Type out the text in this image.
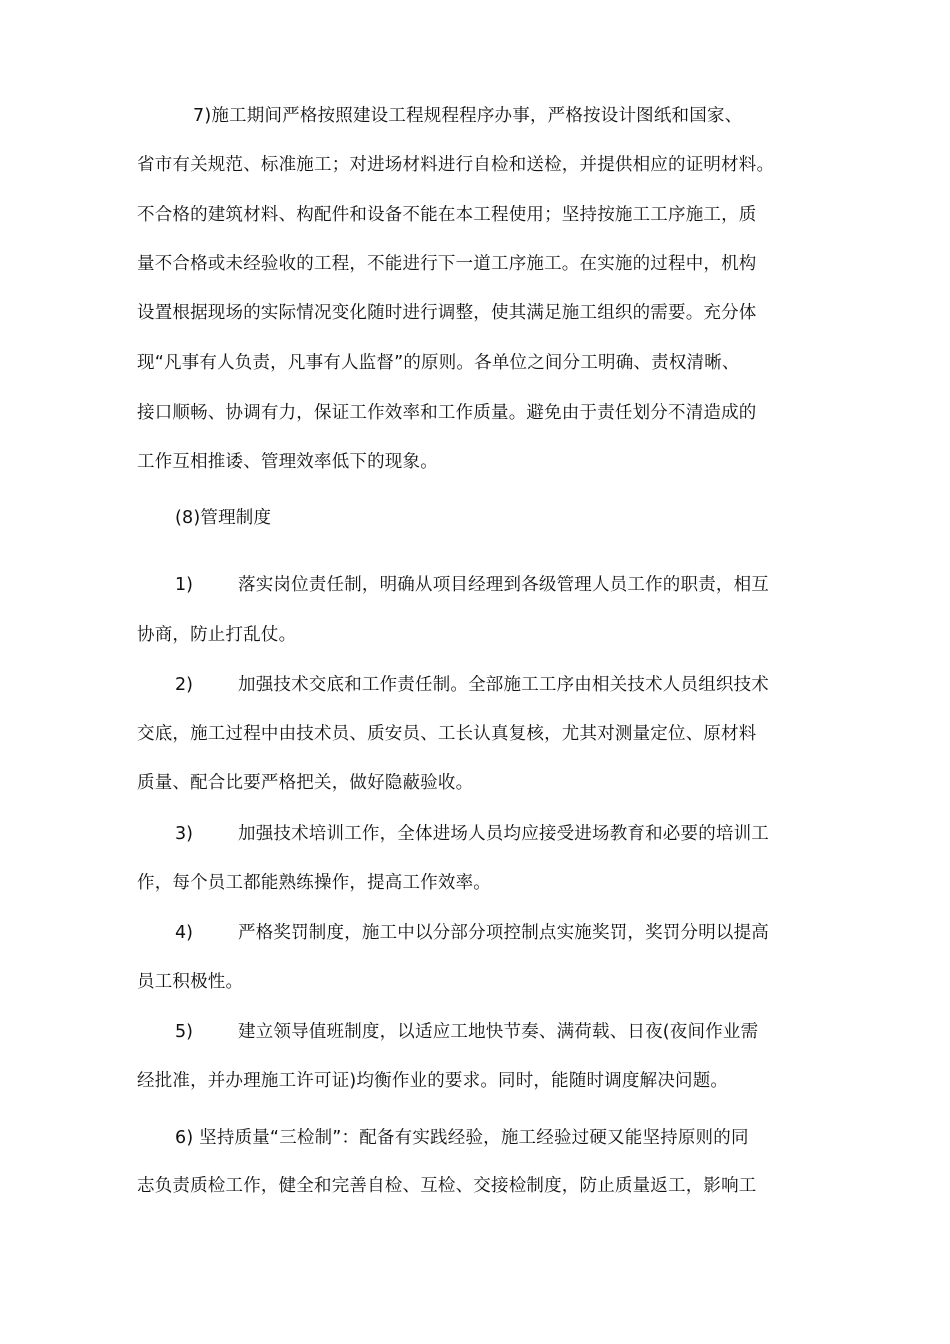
7)施工期间严格按照建设工程规程程序办事，严格按设计图纸和国家、
省市有关规范、标准施工；对进场材料进行自检和送检，并提供相应的证明材料。
不合格的建筑材料、构配件和设备不能在本工程使用；坚持按施工工序施工，质
量不合格或未经验收的工程，不能进行下一道工序施工。在实施的过程中，机构
设置根据现场的实际情况变化随时进行调整，使其满足施工组织的需要。充分体
现“凡事有人负责，凡事有人监督”的原则。各单位之间分工明确、责权清晰、
接口顺畅、协调有力，保证工作效率和工作质量。避免由于责任划分不清造成的
工作互相推诿、管理效率低下的现象。
(8)管理制度
1)	落实岗位责任制，明确从项目经理到各级管理人员工作的职责，相互
协商，防止打乱仗。
2)	加强技术交底和工作责任制。全部施工工序由相关技术人员组织技术
交底，施工过程中由技术员、质安员、工长认真复核，尤其对测量定位、原材料
质量、配合比要严格把关，做好隐蔽验收。
3)	加强技术培训工作，全体进场人员均应接受进场教育和必要的培训工
作，每个员工都能熟练操作，提高工作效率。
4)	严格奖罚制度，施工中以分部分项控制点实施奖罚，奖罚分明以提高
员工积极性。
5)	建立领导值班制度，以适应工地快节奏、满荷载、日夜(夜间作业需
经批准，并办理施工许可证)均衡作业的要求。同时，能随时调度解决问题。
6) 坚持质量“三检制”：配备有实践经验，施工经验过硬又能坚持原则的同
志负责质检工作，健全和完善自检、互检、交接检制度，防止质量返工，影响工
